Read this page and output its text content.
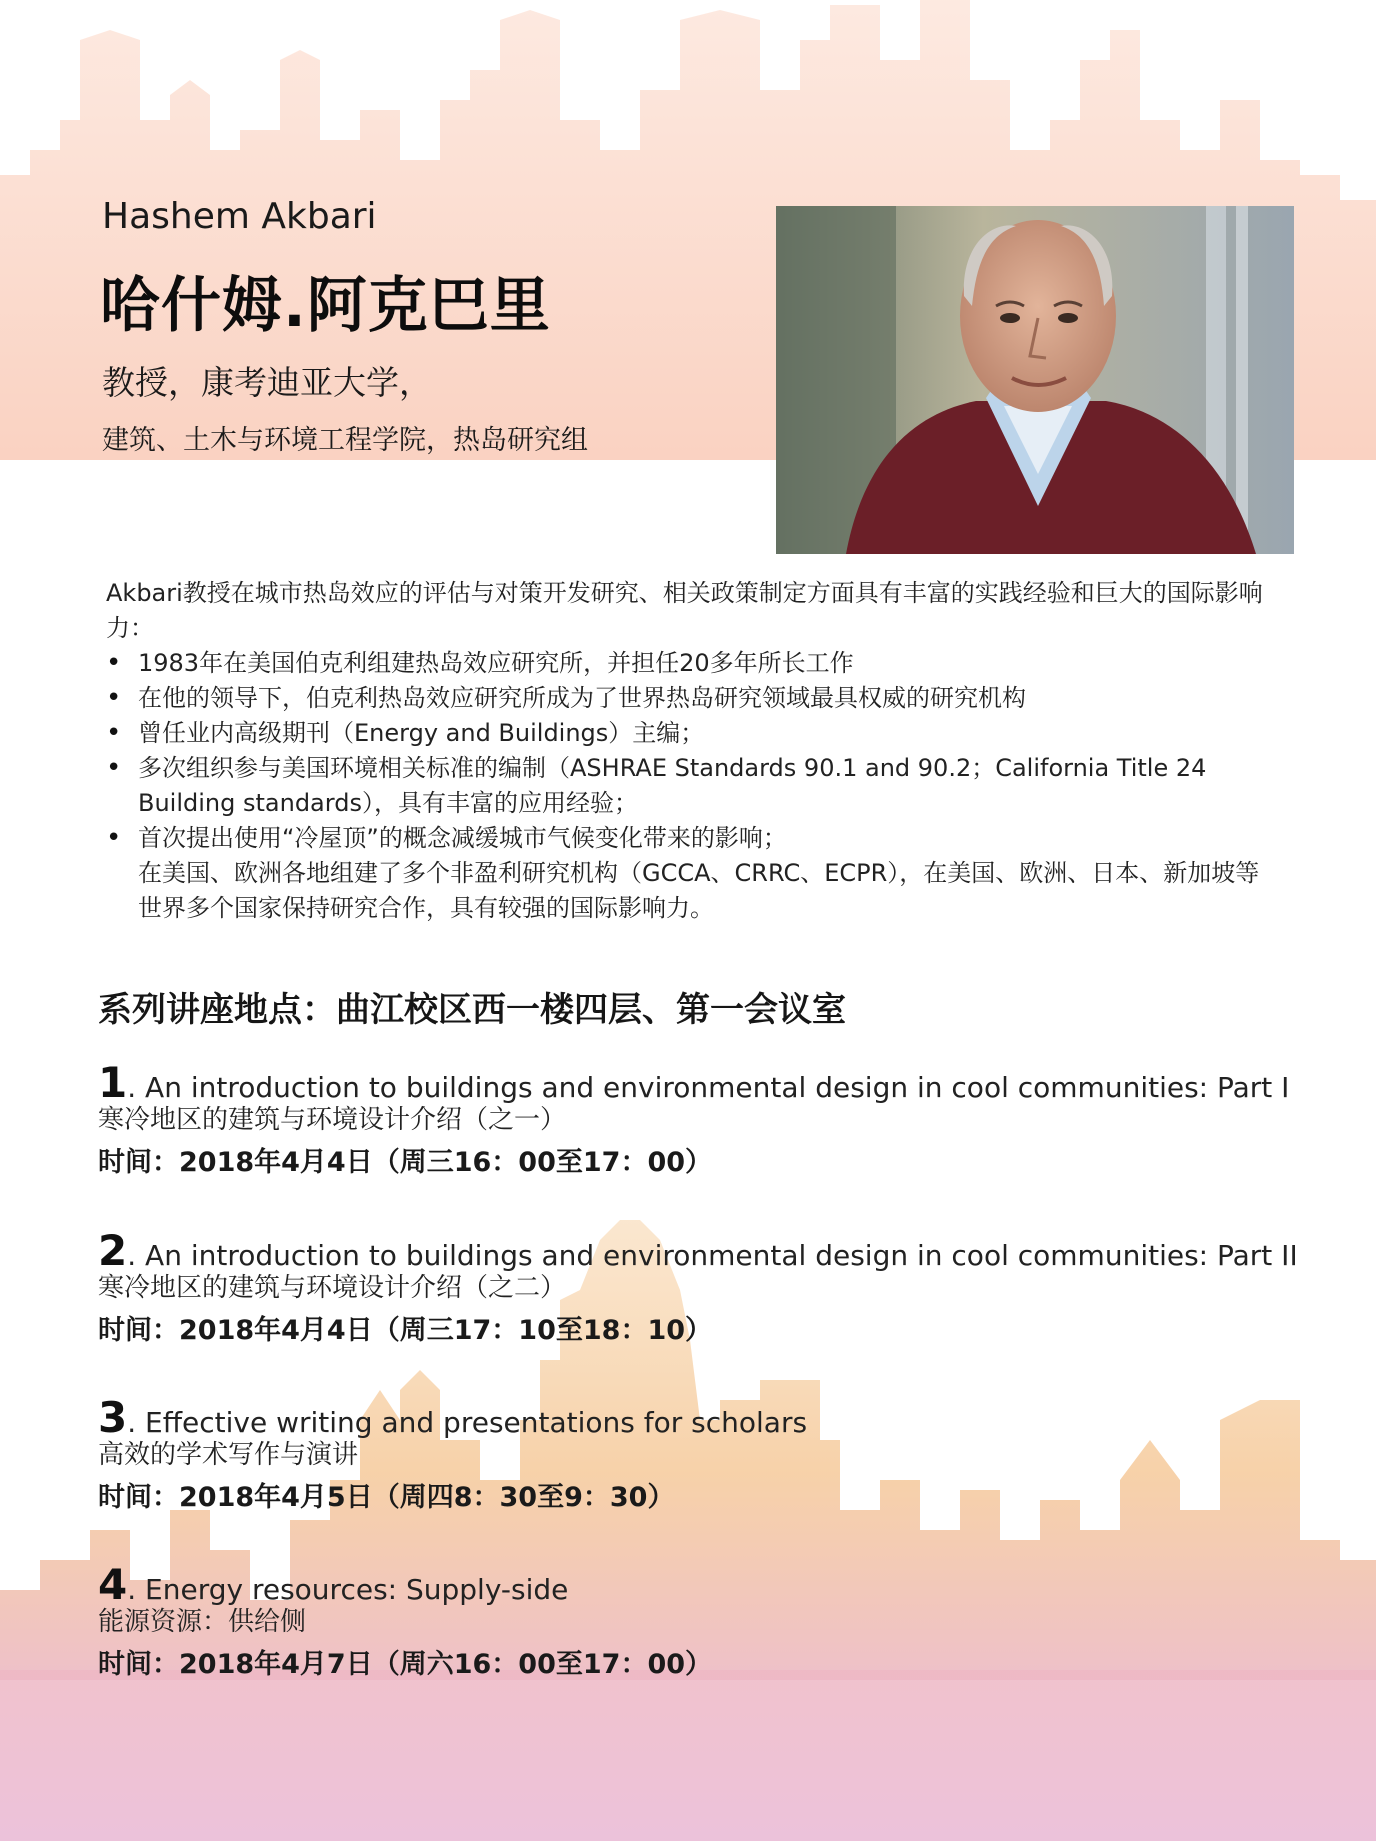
Hashem Akbari
哈什姆.阿克巴里
教授，康考迪亚大学，
建筑、土木与环境工程学院，热岛研究组

Akbari教授在城市热岛效应的评估与对策开发研究、相关政策制定方面具有丰富的实践经验和巨大的国际影响力：

• 1983年在美国伯克利组建热岛效应研究所，并担任20多年所长工作
• 在他的领导下，伯克利热岛效应研究所成为了世界热岛研究领域最具权威的研究机构
• 曾任业内高级期刊（Energy and Buildings）主编；
• 多次组织参与美国环境相关标准的编制（ASHRAE Standards 90.1 and 90.2；California Title 24 Building standards），具有丰富的应用经验；
• 首次提出使用“冷屋顶”的概念减缓城市气候变化带来的影响；
在美国、欧洲各地组建了多个非盈利研究机构（GCCA、CRRC、ECPR），在美国、欧洲、日本、新加坡等世界多个国家保持研究合作，具有较强的国际影响力。
系列讲座地点：曲江校区西一楼四层、第一会议室
1. An introduction to buildings and environmental design in cool communities: Part I
寒冷地区的建筑与环境设计介绍（之一）
时间：2018年4月4日（周三16：00至17：00）
2. An introduction to buildings and environmental design in cool communities: Part II
寒冷地区的建筑与环境设计介绍（之二）
时间：2018年4月4日（周三17：10至18：10）
3. Effective writing and presentations for scholars
高效的学术写作与演讲
时间：2018年4月5日（周四8：30至9：30）
4. Energy resources: Supply-side
能源资源：供给侧
时间：2018年4月7日（周六16：00至17：00）
